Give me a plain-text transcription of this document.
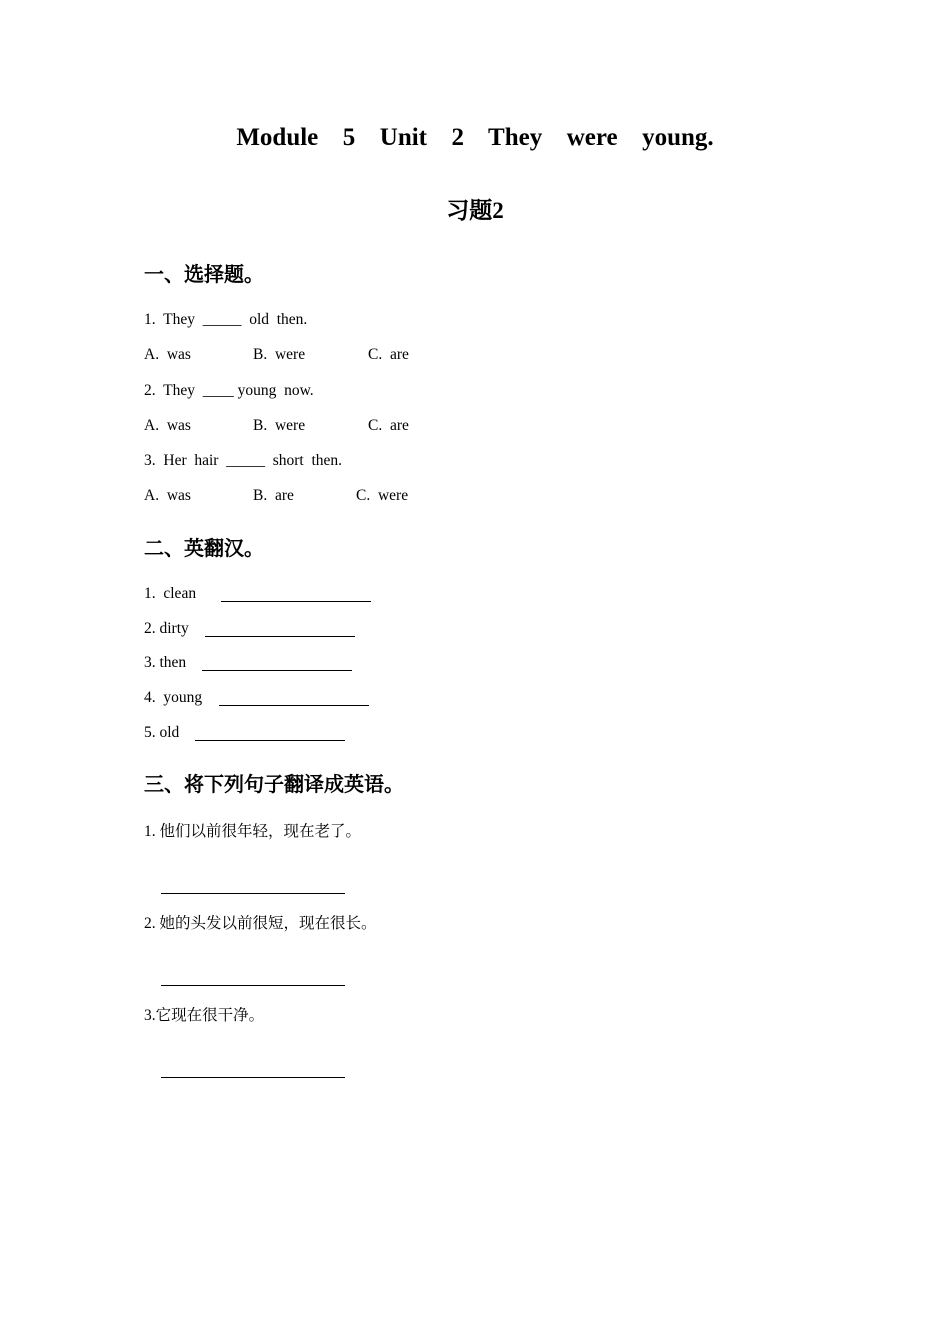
Module  5  Unit  2  They  were  young.
习题2
一、选择题。
1.  They  _____  old  then.
A.  was	B.  were	C.  are
2.  They  ____ young  now.
A.  was	B.  were	C.  are
3.  Her  hair  _____  short  then.
A.  was	B.  are	C.  were
二、英翻汉。
1.  clean
2. dirty
3. then
4.  young
5. old
三、将下列句子翻译成英语。
1. 他们以前很年轻，现在老了。
2. 她的头发以前很短，现在很长。
3.它现在很干净。
